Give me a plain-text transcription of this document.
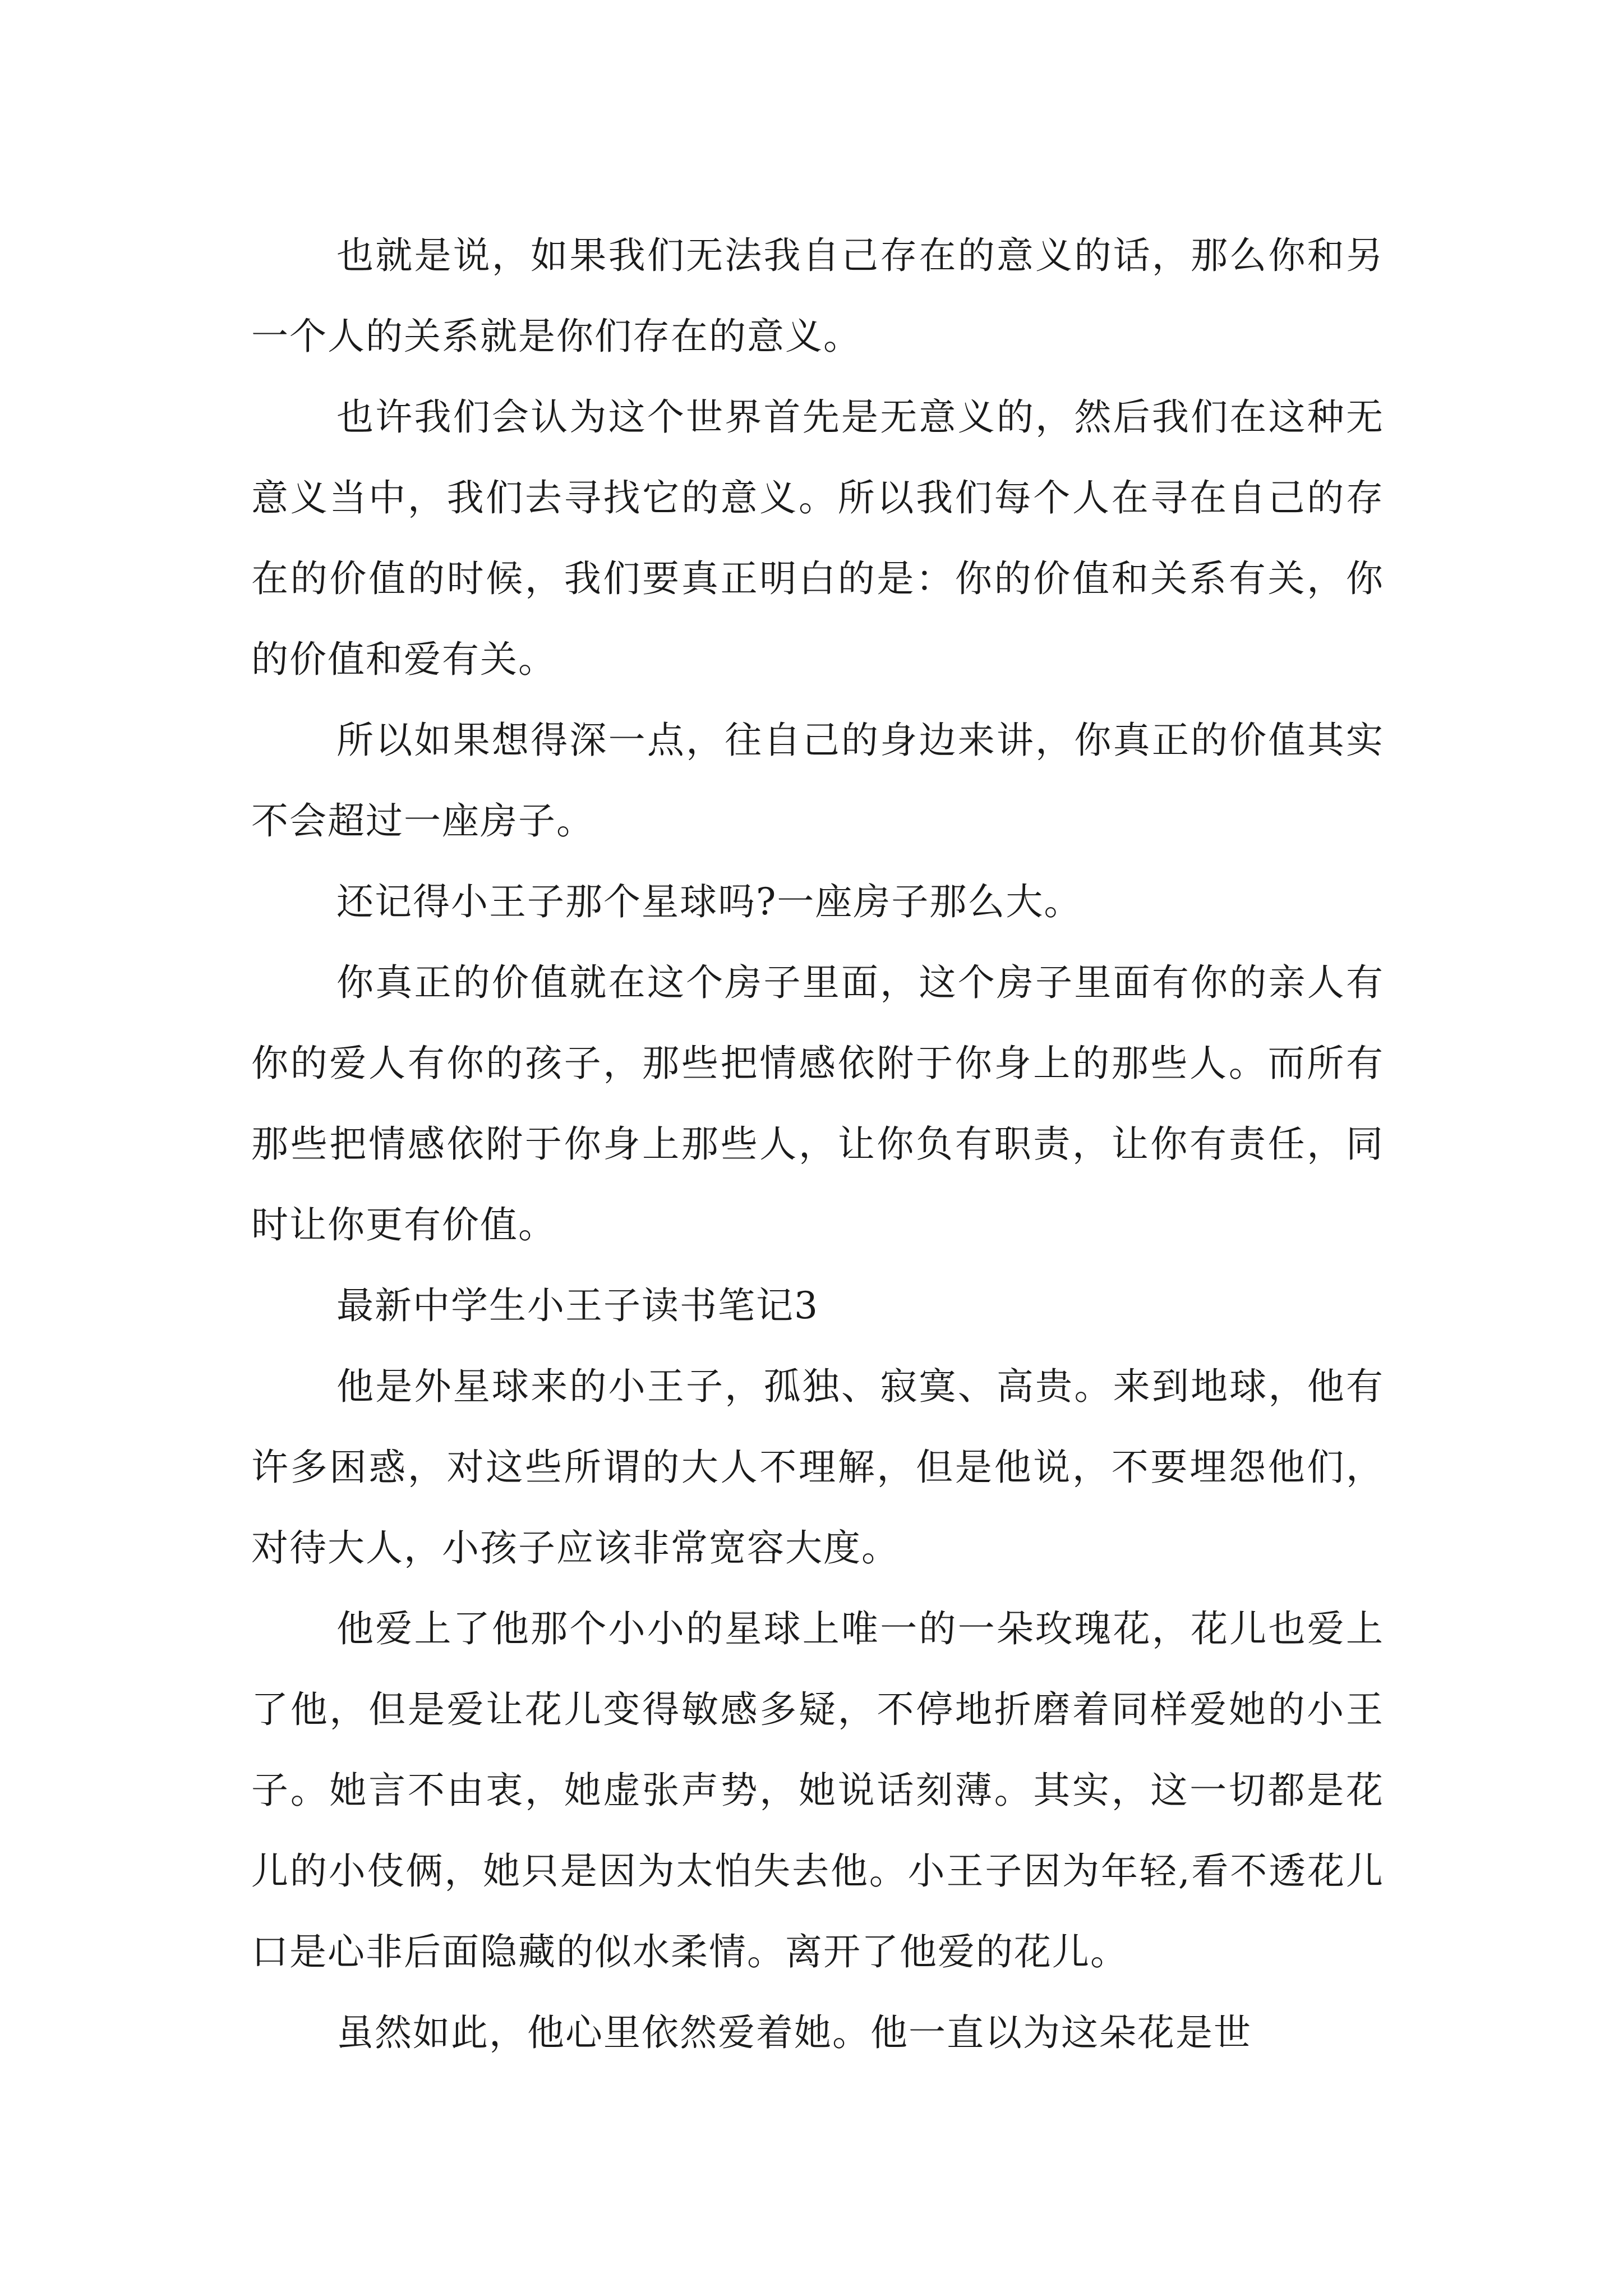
也就是说，如果我们无法我自己存在的意义的话，那么你和另一个人的关系就是你们存在的意义。

也许我们会认为这个世界首先是无意义的，然后我们在这种无意义当中，我们去寻找它的意义。所以我们每个人在寻在自己的存在的价值的时候，我们要真正明白的是：你的价值和关系有关，你的价值和爱有关。

所以如果想得深一点，往自己的身边来讲，你真正的价值其实不会超过一座房子。

还记得小王子那个星球吗?一座房子那么大。

你真正的价值就在这个房子里面，这个房子里面有你的亲人有你的爱人有你的孩子，那些把情感依附于你身上的那些人。而所有那些把情感依附于你身上那些人，让你负有职责，让你有责任，同时让你更有价值。

最新中学生小王子读书笔记3

他是外星球来的小王子，孤独、寂寞、高贵。来到地球，他有许多困惑，对这些所谓的大人不理解，但是他说，不要埋怨他们，对待大人，小孩子应该非常宽容大度。

他爱上了他那个小小的星球上唯一的一朵玫瑰花，花儿也爱上了他，但是爱让花儿变得敏感多疑，不停地折磨着同样爱她的小王子。她言不由衷，她虚张声势，她说话刻薄。其实，这一切都是花儿的小伎俩，她只是因为太怕失去他。小王子因为年轻,看不透花儿口是心非后面隐藏的似水柔情。离开了他爱的花儿。

虽然如此，他心里依然爱着她。他一直以为这朵花是世
